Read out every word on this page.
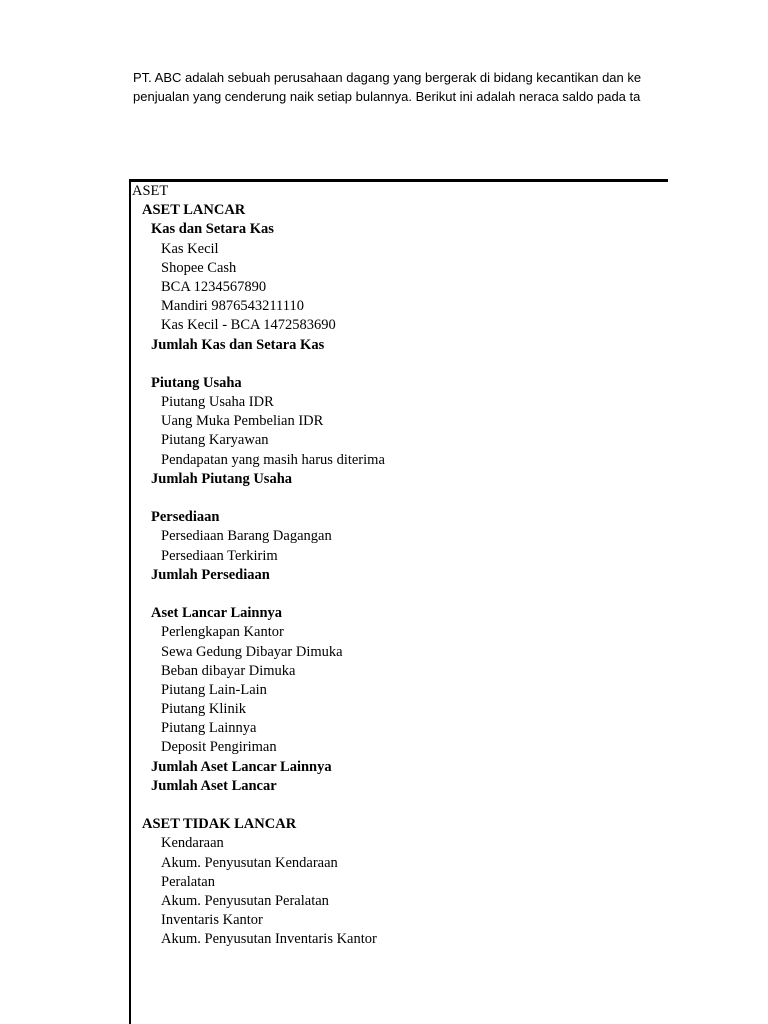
PT. ABC adalah sebuah perusahaan dagang yang bergerak di bidang kecantikan dan ke
penjualan yang cenderung naik setiap bulannya. Berikut ini adalah neraca saldo pada ta
ASET
ASET LANCAR
Kas dan Setara Kas
Kas Kecil
Shopee Cash
BCA 1234567890
Mandiri 9876543211110
Kas Kecil - BCA 1472583690
Jumlah Kas dan Setara Kas
Piutang Usaha
Piutang Usaha IDR
Uang Muka Pembelian IDR
Piutang Karyawan
Pendapatan yang masih harus diterima
Jumlah Piutang Usaha
Persediaan
Persediaan Barang Dagangan
Persediaan Terkirim
Jumlah Persediaan
Aset Lancar Lainnya
Perlengkapan Kantor
Sewa Gedung Dibayar Dimuka
Beban dibayar Dimuka
Piutang Lain-Lain
Piutang Klinik
Piutang Lainnya
Deposit Pengiriman
Jumlah Aset Lancar Lainnya
Jumlah Aset Lancar
ASET TIDAK LANCAR
Kendaraan
Akum. Penyusutan Kendaraan
Peralatan
Akum. Penyusutan Peralatan
Inventaris Kantor
Akum. Penyusutan Inventaris Kantor
